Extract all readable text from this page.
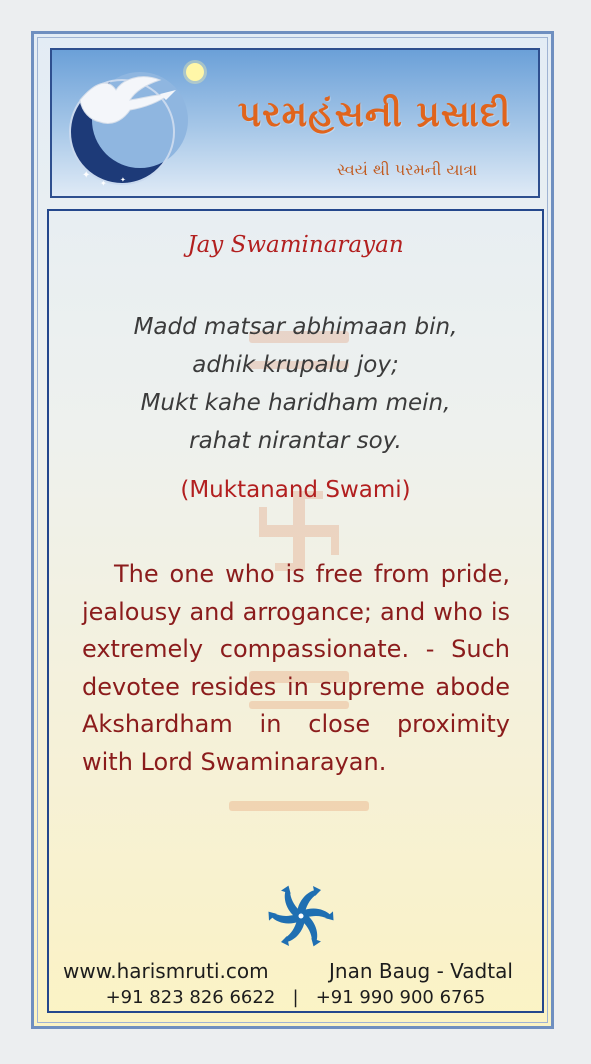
✦
✦ ✦
પરમહંસની પ્રસાદી
સ્વયં થી પરમની યાત્રા
Jay Swaminarayan
Madd matsar abhimaan bin,
adhik krupalu joy;
Mukt kahe haridham mein,
rahat nirantar soy.
(Muktanand Swami)
The one who is free from pride, jealousy and arrogance; and who is extremely compassionate. - Such devotee resides in supreme abode Akshardham in close proximity with Lord Swaminarayan.
www.harismruti.com	Jnan Baug - Vadtal
+91 823 826 6622 | +91 990 900 6765
